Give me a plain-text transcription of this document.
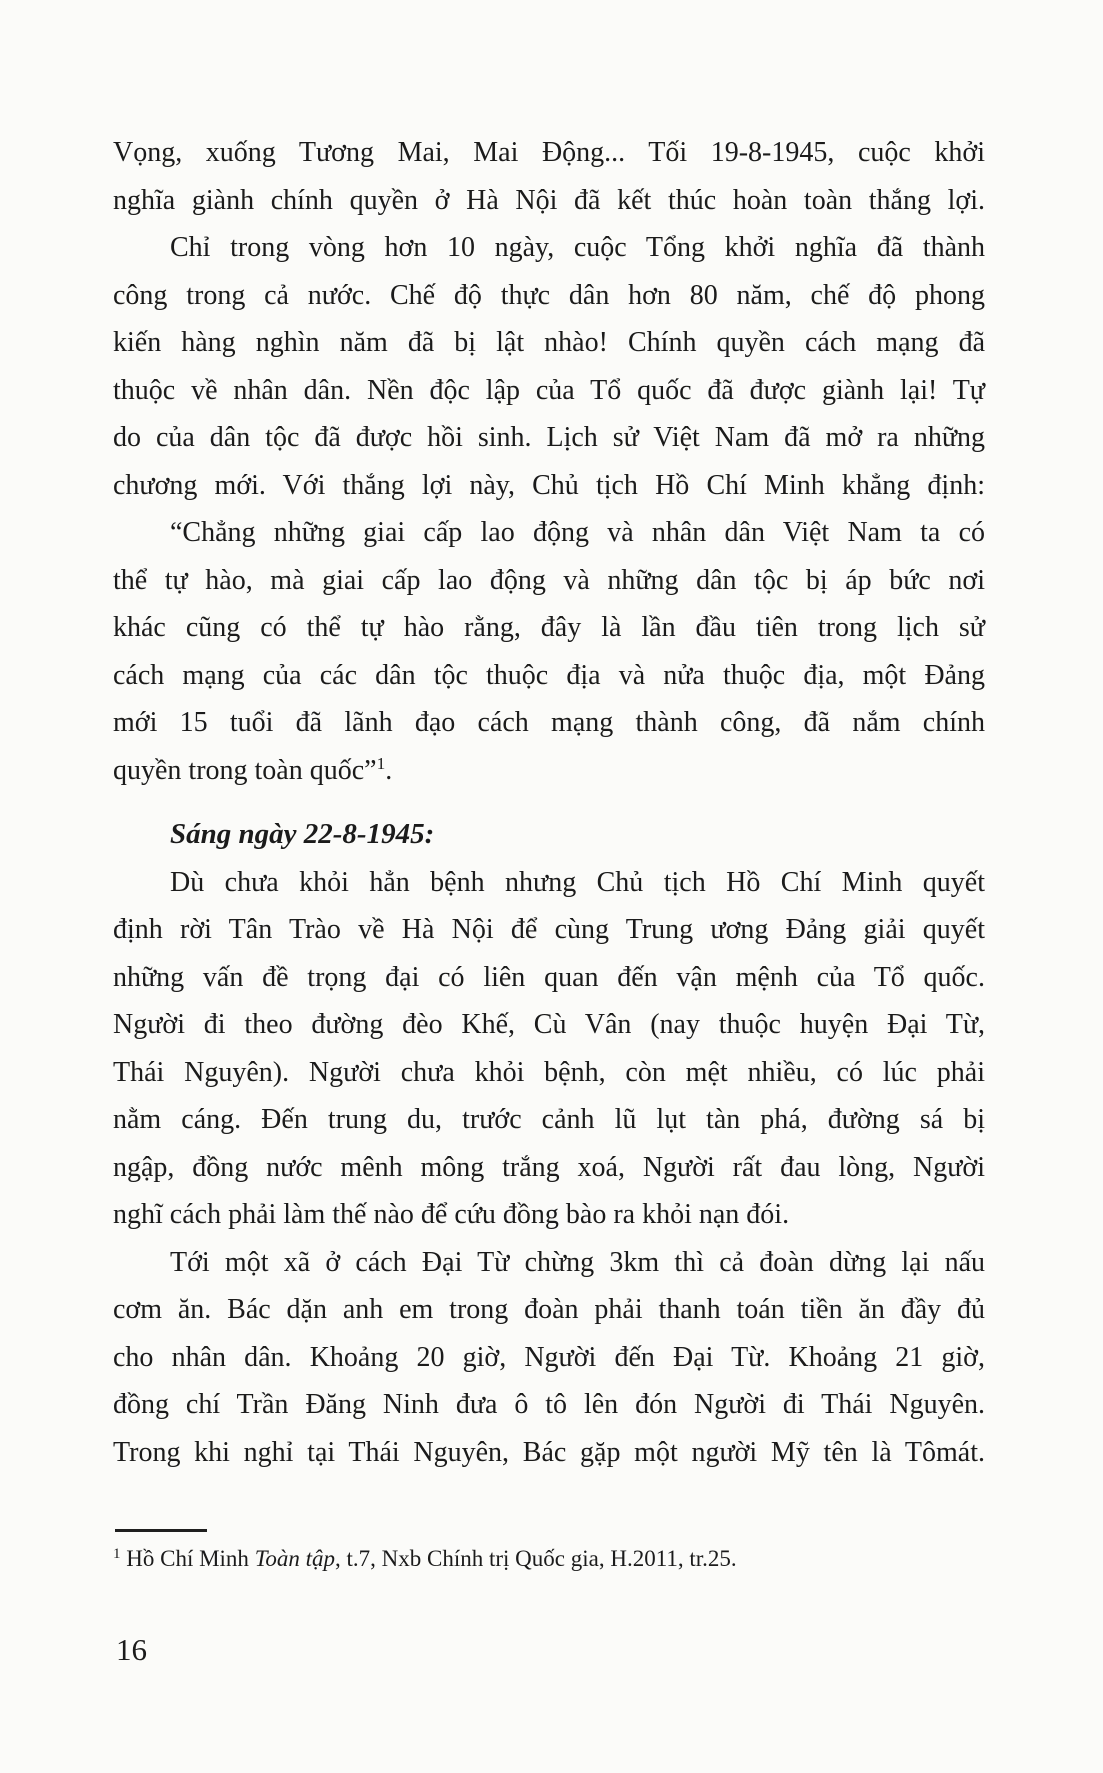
Vọng, xuống Tương Mai, Mai Động... Tối 19-8-1945, cuộc khởi
nghĩa giành chính quyền ở Hà Nội đã kết thúc hoàn toàn thắng lợi.
Chỉ trong vòng hơn 10 ngày, cuộc Tổng khởi nghĩa đã thành
công trong cả nước. Chế độ thực dân hơn 80 năm, chế độ phong
kiến hàng nghìn năm đã bị lật nhào! Chính quyền cách mạng đã
thuộc về nhân dân. Nền độc lập của Tổ quốc đã được giành lại! Tự
do của dân tộc đã được hồi sinh. Lịch sử Việt Nam đã mở ra những
chương mới. Với thắng lợi này, Chủ tịch Hồ Chí Minh khẳng định:
“Chẳng những giai cấp lao động và nhân dân Việt Nam ta có
thể tự hào, mà giai cấp lao động và những dân tộc bị áp bức nơi
khác cũng có thể tự hào rằng, đây là lần đầu tiên trong lịch sử
cách mạng của các dân tộc thuộc địa và nửa thuộc địa, một Đảng
mới 15 tuổi đã lãnh đạo cách mạng thành công, đã nắm chính
quyền trong toàn quốc”$^1$.
Sáng ngày 22-8-1945:
Dù chưa khỏi hẳn bệnh nhưng Chủ tịch Hồ Chí Minh quyết
định rời Tân Trào về Hà Nội để cùng Trung ương Đảng giải quyết
những vấn đề trọng đại có liên quan đến vận mệnh của Tổ quốc.
Người đi theo đường đèo Khế, Cù Vân (nay thuộc huyện Đại Từ,
Thái Nguyên). Người chưa khỏi bệnh, còn mệt nhiều, có lúc phải
nằm cáng. Đến trung du, trước cảnh lũ lụt tàn phá, đường sá bị
ngập, đồng nước mênh mông trắng xoá, Người rất đau lòng, Người
nghĩ cách phải làm thế nào để cứu đồng bào ra khỏi nạn đói.
Tới một xã ở cách Đại Từ chừng 3km thì cả đoàn dừng lại nấu
cơm ăn. Bác dặn anh em trong đoàn phải thanh toán tiền ăn đầy đủ
cho nhân dân. Khoảng 20 giờ, Người đến Đại Từ. Khoảng 21 giờ,
đồng chí Trần Đăng Ninh đưa ô tô lên đón Người đi Thái Nguyên.
Trong khi nghỉ tại Thái Nguyên, Bác gặp một người Mỹ tên là Tômát.
$^1$ Hồ Chí Minh Toàn tập, t.7, Nxb Chính trị Quốc gia, H.2011, tr.25.
16
